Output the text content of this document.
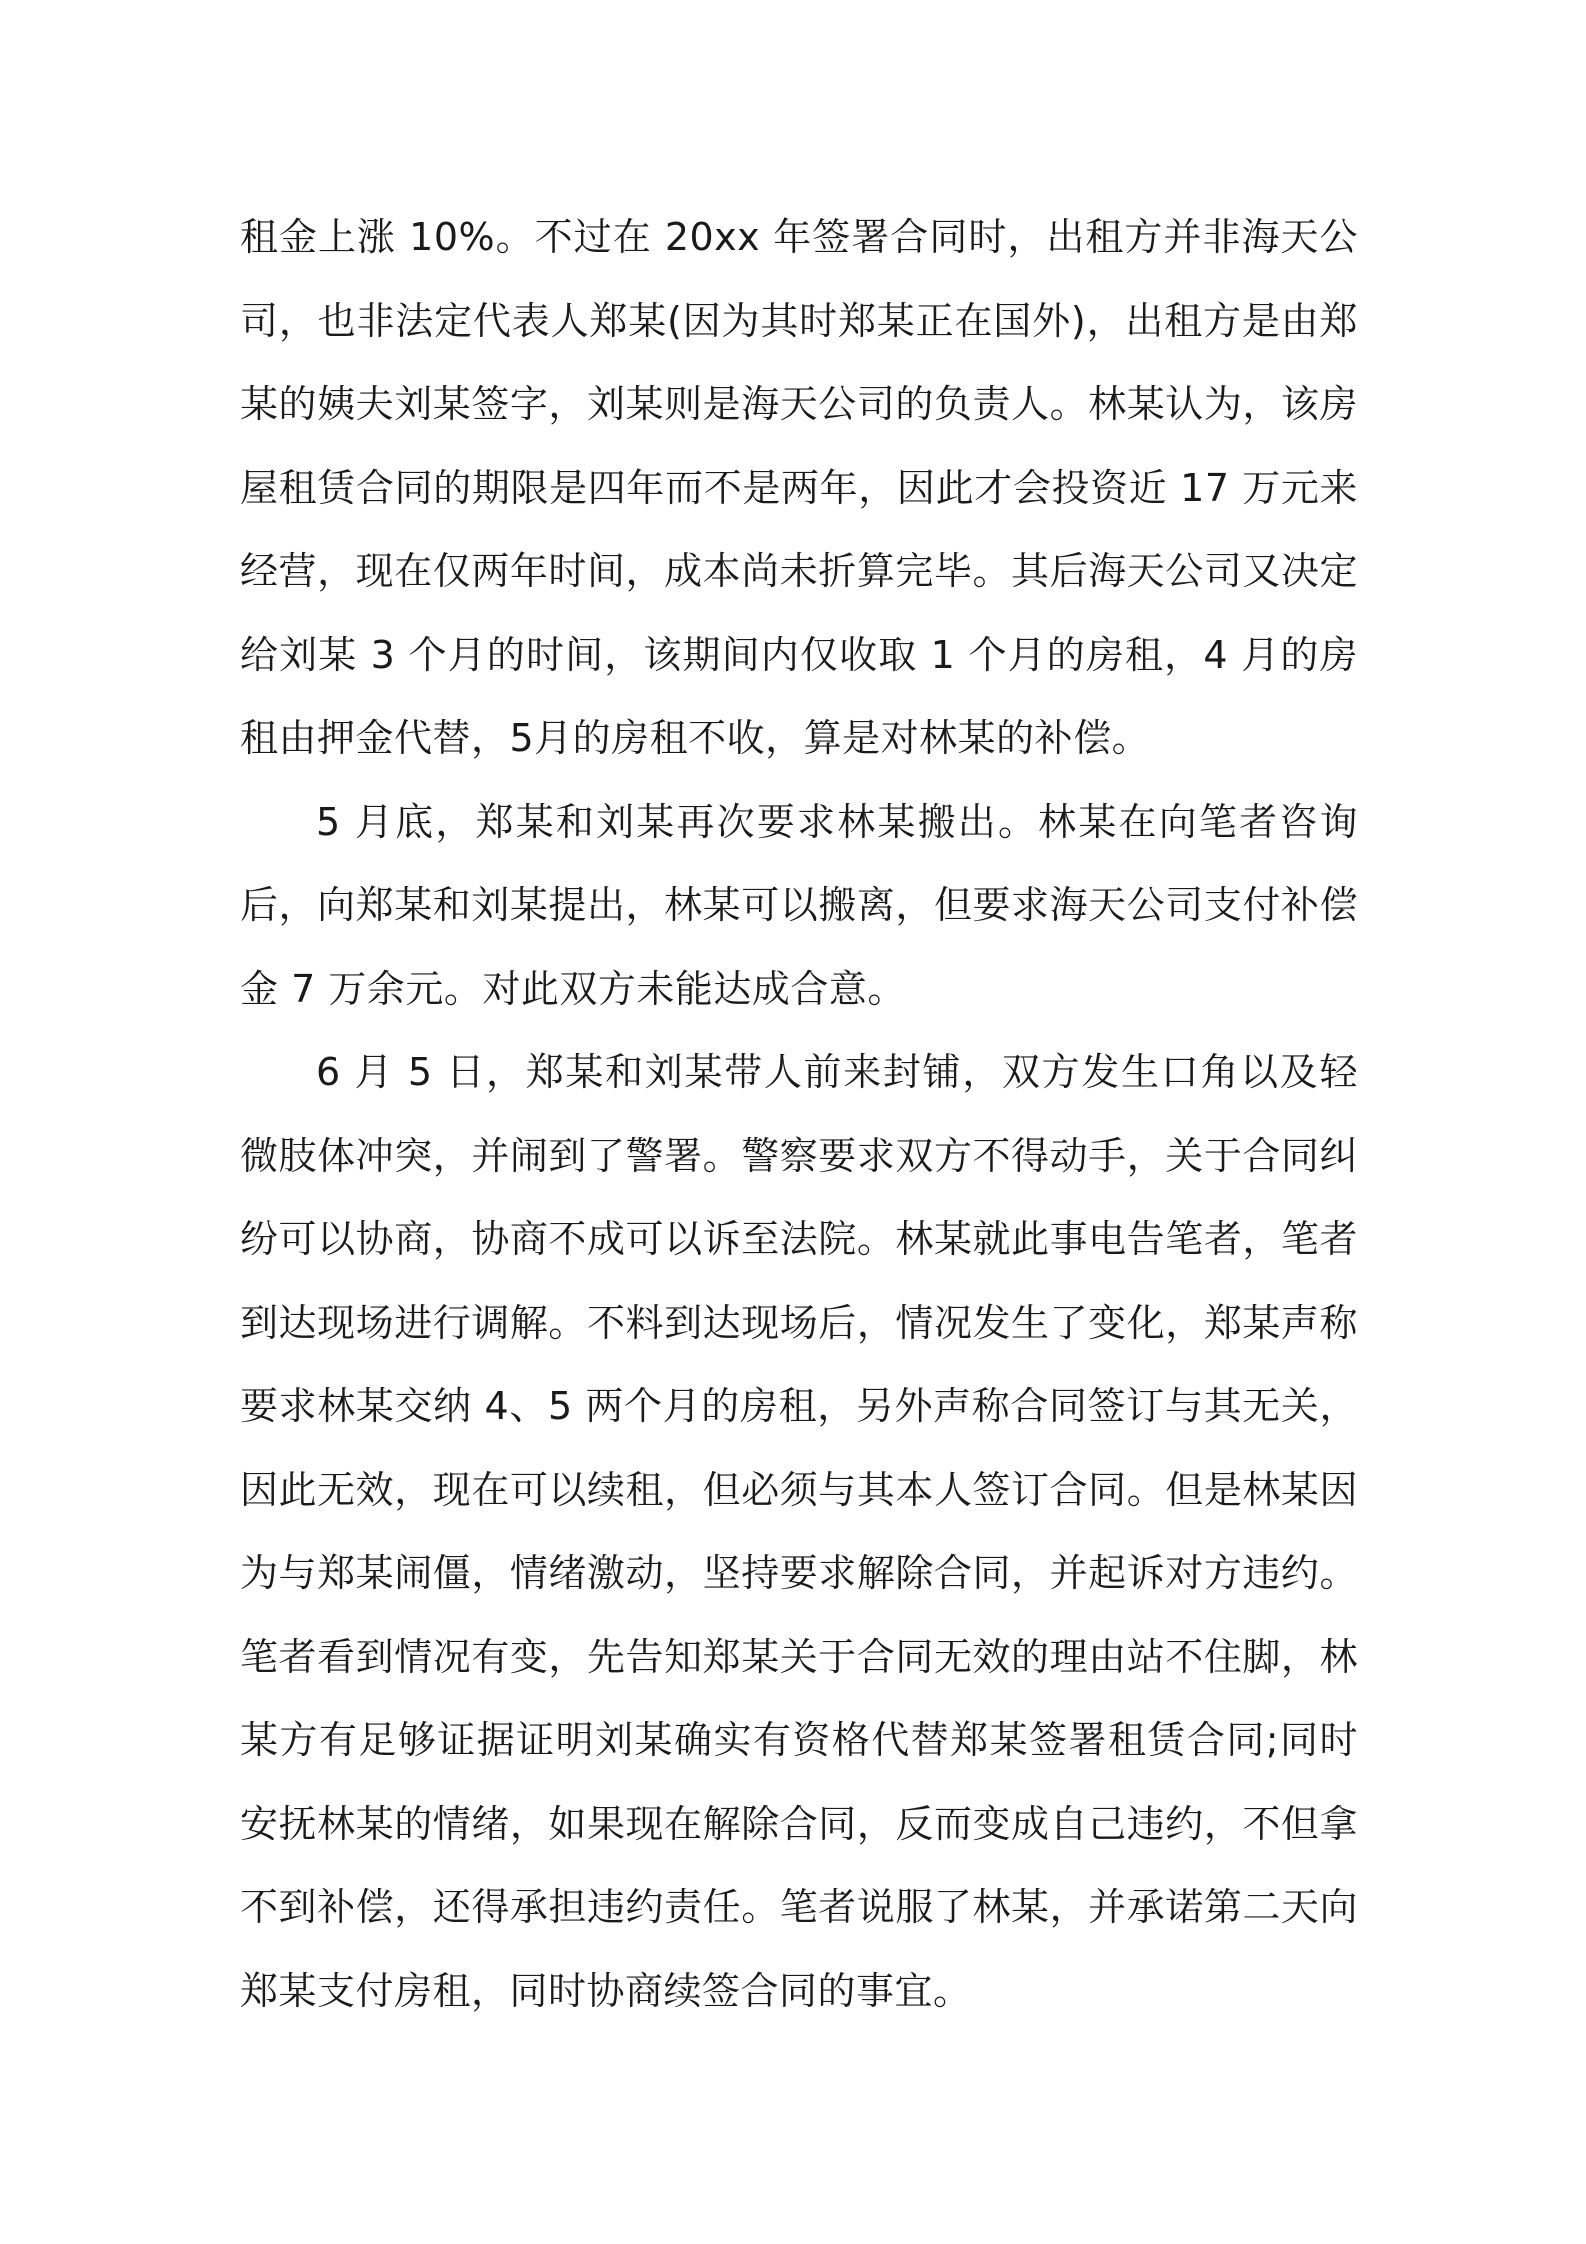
租金上涨 10%。不过在 20xx 年签署合同时，出租方并非海天公司，也非法定代表人郑某(因为其时郑某正在国外)，出租方是由郑某的姨夫刘某签字，刘某则是海天公司的负责人。林某认为，该房屋租赁合同的期限是四年而不是两年，因此才会投资近 17 万元来经营，现在仅两年时间，成本尚未折算完毕。其后海天公司又决定给刘某 3 个月的时间，该期间内仅收取 1 个月的房租，4 月的房租由押金代替，5月的房租不收，算是对林某的补偿。

5 月底，郑某和刘某再次要求林某搬出。林某在向笔者咨询后，向郑某和刘某提出，林某可以搬离，但要求海天公司支付补偿金 7 万余元。对此双方未能达成合意。

6 月 5 日，郑某和刘某带人前来封铺，双方发生口角以及轻微肢体冲突，并闹到了警署。警察要求双方不得动手，关于合同纠纷可以协商，协商不成可以诉至法院。林某就此事电告笔者，笔者到达现场进行调解。不料到达现场后，情况发生了变化，郑某声称要求林某交纳 4、5 两个月的房租，另外声称合同签订与其无关，因此无效，现在可以续租，但必须与其本人签订合同。但是林某因为与郑某闹僵，情绪激动，坚持要求解除合同，并起诉对方违约。笔者看到情况有变，先告知郑某关于合同无效的理由站不住脚，林某方有足够证据证明刘某确实有资格代替郑某签署租赁合同;同时安抚林某的情绪，如果现在解除合同，反而变成自己违约，不但拿不到补偿，还得承担违约责任。笔者说服了林某，并承诺第二天向郑某支付房租，同时协商续签合同的事宜。
